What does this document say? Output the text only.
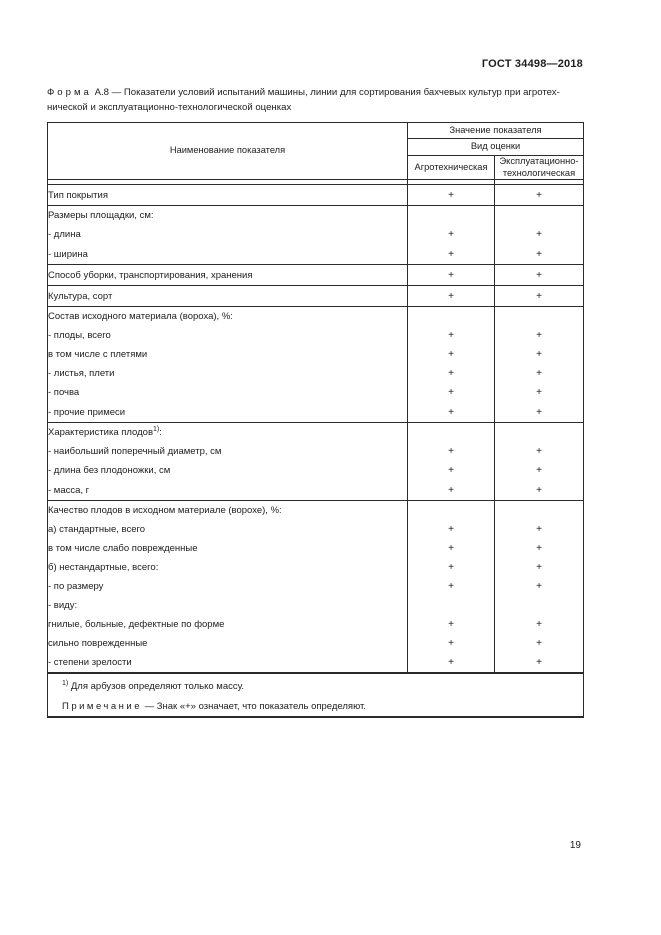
ГОСТ 34498—2018
Форма А.8 — Показатели условий испытаний машины, линии для сортирования бахчевых культур при агротех-
нической и эксплуатационно-технологической оценках
Наименование показателя	Значение показателя	
	Вид оценки	
	Агротехническая	Эксплуатационно-технологическая

Тип покрытия	+	+
Размеры площадки, см:		
- длина	+	+
- ширина	+	+
Способ уборки, транспортирования, хранения	+	+
Культура, сорт	+	+
Состав исходного материала (вороха), %:		
- плоды, всего	+	+
в том числе с плетями	+	+
- листья, плети	+	+
- почва	+	+
- прочие примеси	+	+
Характеристика плодов$^{1)}$:		
- наибольший поперечный диаметр, см	+	+
- длина без плодоножки, см	+	+
- масса, г	+	+
Качество плодов в исходном материале (ворохе), %:		
а) стандартные, всего	+	+
в том числе слабо поврежденные	+	+
б) нестандартные, всего:	+	+
- по размеру	+	+
- виду:		
гнилые, больные, дефектные по форме	+	+
сильно поврежденные	+	+
- степени зрелости	+	+
$^{1)}$ Для арбузов определяют только массу.		
Примечание — Знак «+» означает, что показатель определяют.		
19
